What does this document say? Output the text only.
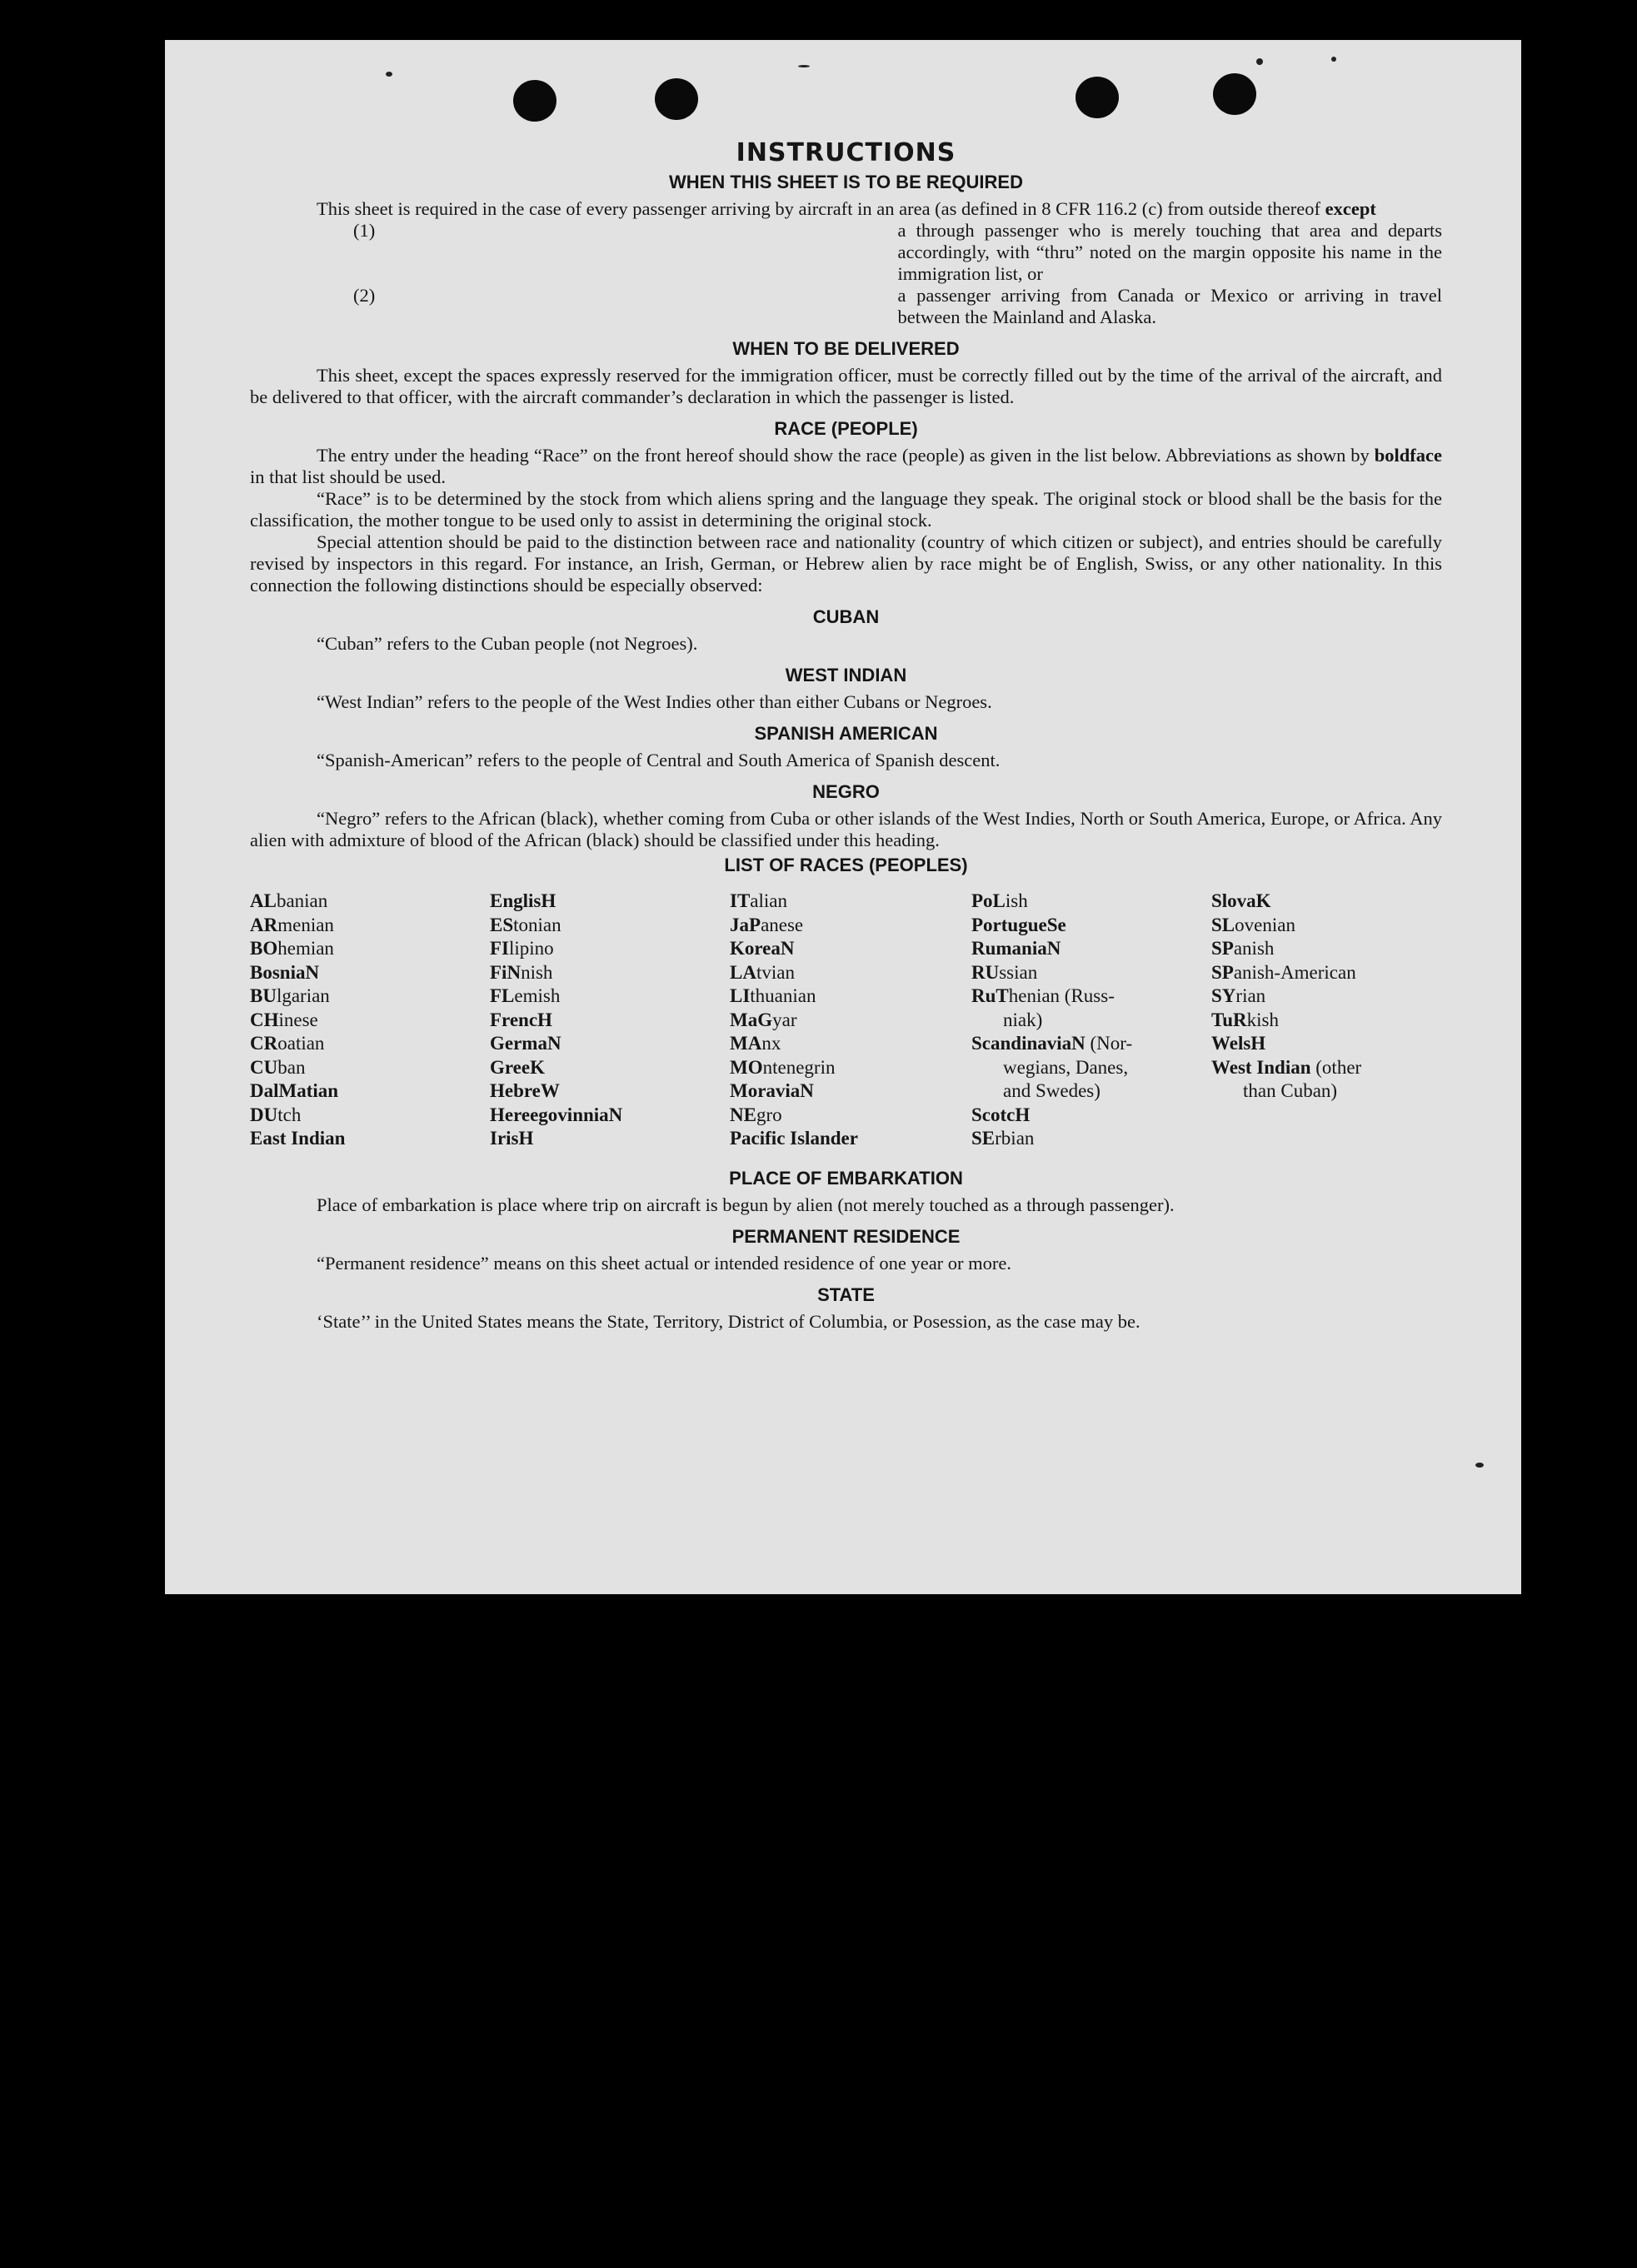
INSTRUCTIONS
WHEN THIS SHEET IS TO BE REQUIRED

This sheet is required in the case of every passenger arriving by aircraft in an area (as defined in 8 CFR 116.2 (c) from outside thereof except

(1)	a through passenger who is merely touching that area and departs accordingly, with “thru” noted on the margin opposite his name in the immigration list, or
(2)	a passenger arriving from Canada or Mexico or arriving in travel between the Mainland and Alaska.
WHEN TO BE DELIVERED

This sheet, except the spaces expressly reserved for the immigration officer, must be correctly filled out by the time of the arrival of the aircraft, and be delivered to that officer, with the aircraft commander’s declaration in which the passenger is listed.

RACE (PEOPLE)

The entry under the heading “Race” on the front hereof should show the race (people) as given in the list below. Abbreviations as shown by boldface in that list should be used.

“Race” is to be determined by the stock from which aliens spring and the language they speak. The original stock or blood shall be the basis for the classification, the mother tongue to be used only to assist in determining the original stock.

Special attention should be paid to the distinction between race and nationality (country of which citizen or subject), and entries should be carefully revised by inspectors in this regard. For instance, an Irish, German, or Hebrew alien by race might be of English, Swiss, or any other nationality. In this connection the following distinctions should be especially observed:

CUBAN

“Cuban” refers to the Cuban people (not Negroes).

WEST INDIAN

“West Indian” refers to the people of the West Indies other than either Cubans or Negroes.

SPANISH AMERICAN

“Spanish-American” refers to the people of Central and South America of Spanish descent.

NEGRO

“Negro” refers to the African (black), whether coming from Cuba or other islands of the West Indies, North or South America, Europe, or Africa. Any alien with admixture of blood of the African (black) should be classified under this heading.

LIST OF RACES (PEOPLES)
ALbanian
ARmenian
BOhemian
BosniaN
BUlgarian
CHinese
CRoatian
CUban
DalMatian
DUtch
East Indian
EnglisH
EStonian
FIlipino
FiNnish
FLemish
FrencH
GermaN
GreeK
HebreW
HereegovinniaN
IrisH
ITalian
JaPanese
KoreaN
LAtvian
LIthuanian
MaGyar
MAnx
MOntenegrin
MoraviaN
NEgro
Pacific Islander
PoLish
PortugueSe
RumaniaN
RUssian
RuThenian (Russ-
niak)
ScandinaviaN (Nor-
wegians, Danes,
and Swedes)
ScotcH
SErbian
SlovaK
SLovenian
SPanish
SPanish-American
SYrian
TuRkish
WelsH
West Indian (other
than Cuban)
PLACE OF EMBARKATION

Place of embarkation is place where trip on aircraft is begun by alien (not merely touched as a through passenger).

PERMANENT RESIDENCE

“Permanent residence” means on this sheet actual or intended residence of one year or more.

STATE

‘State’’ in the United States means the State, Territory, District of Columbia, or Posession, as the case may be.
